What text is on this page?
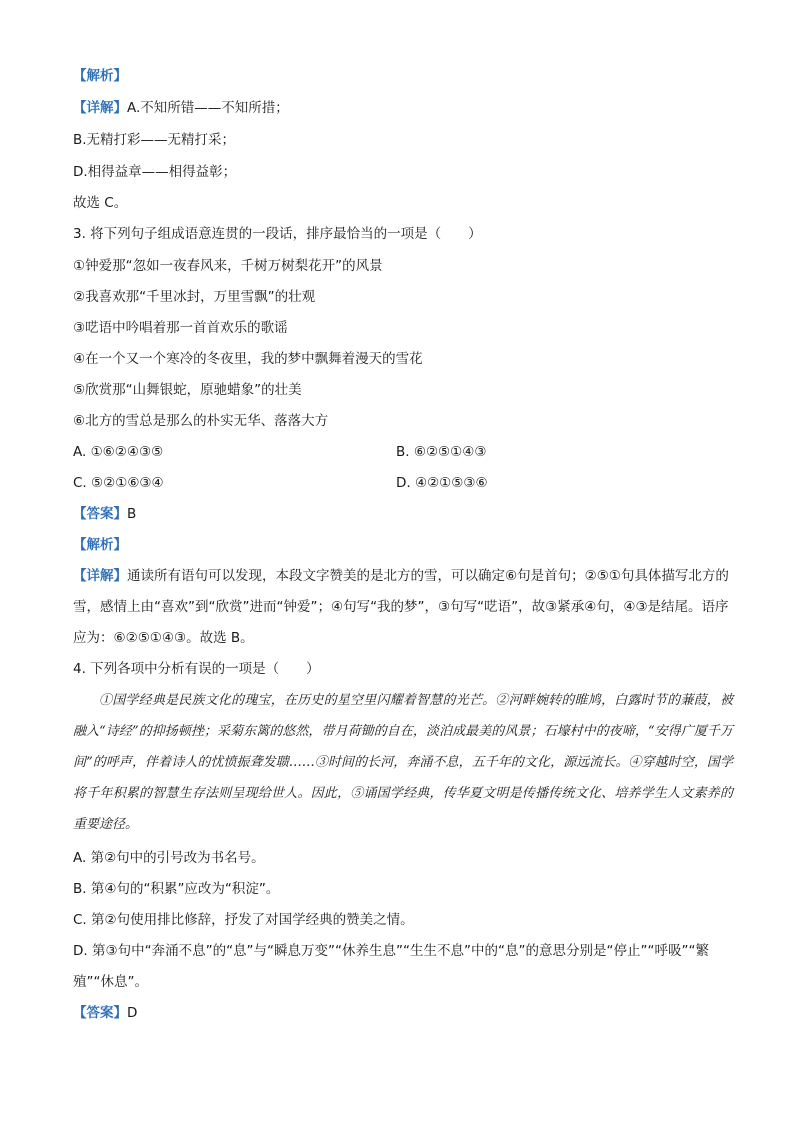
【解析】
【详解】A.不知所错——不知所措；
B.无精打彩——无精打采；
D.相得益章——相得益彰；
故选 C。
3. 将下列句子组成语意连贯的一段话，排序最恰当的一项是（　　）
①钟爱那“忽如一夜春风来，千树万树梨花开”的风景
②我喜欢那“千里冰封，万里雪飘”的壮观
③呓语中吟唱着那一首首欢乐的歌谣
④在一个又一个寒冷的冬夜里，我的梦中飘舞着漫天的雪花
⑤欣赏那“山舞银蛇，原驰蜡象”的壮美
⑥北方的雪总是那么的朴实无华、落落大方
A. ①⑥②④③⑤	B. ⑥②⑤①④③
C. ⑤②①⑥③④	D. ④②①⑤③⑥
【答案】B
【解析】
【详解】通读所有语句可以发现，本段文字赞美的是北方的雪，可以确定⑥句是首句；②⑤①句具体描写北方的雪，感情上由“喜欢”到“欣赏”进而“钟爱”；④句写“我的梦”，③句写“呓语”，故③紧承④句，④③是结尾。语序应为：⑥②⑤①④③。故选 B。
4. 下列各项中分析有误的一项是（　　）
①国学经典是民族文化的瑰宝，在历史的星空里闪耀着智慧的光芒。②河畔婉转的睢鸠，白露时节的蒹葭，被融入“诗经”的抑扬顿挫；采菊东篱的悠然，带月荷锄的自在，淡泊成最美的风景；石壕村中的夜啼，“安得广厦千万间”的呼声，伴着诗人的忧愤振聋发聩……③时间的长河，奔涌不息，五千年的文化，源远流长。④穿越时空，国学将千年积累的智慧生存法则呈现给世人。因此，⑤诵国学经典，传华夏文明是传播传统文化、培养学生人文素养的重要途径。
A. 第②句中的引号改为书名号。
B. 第④句的“积累”应改为“积淀”。
C. 第②句使用排比修辞，抒发了对国学经典的赞美之情。
D. 第③句中“奔涌不息”的“息”与“瞬息万变”“休养生息”“生生不息”中的“息”的意思分别是“停止”“呼吸”“繁殖”“休息”。
【答案】D
